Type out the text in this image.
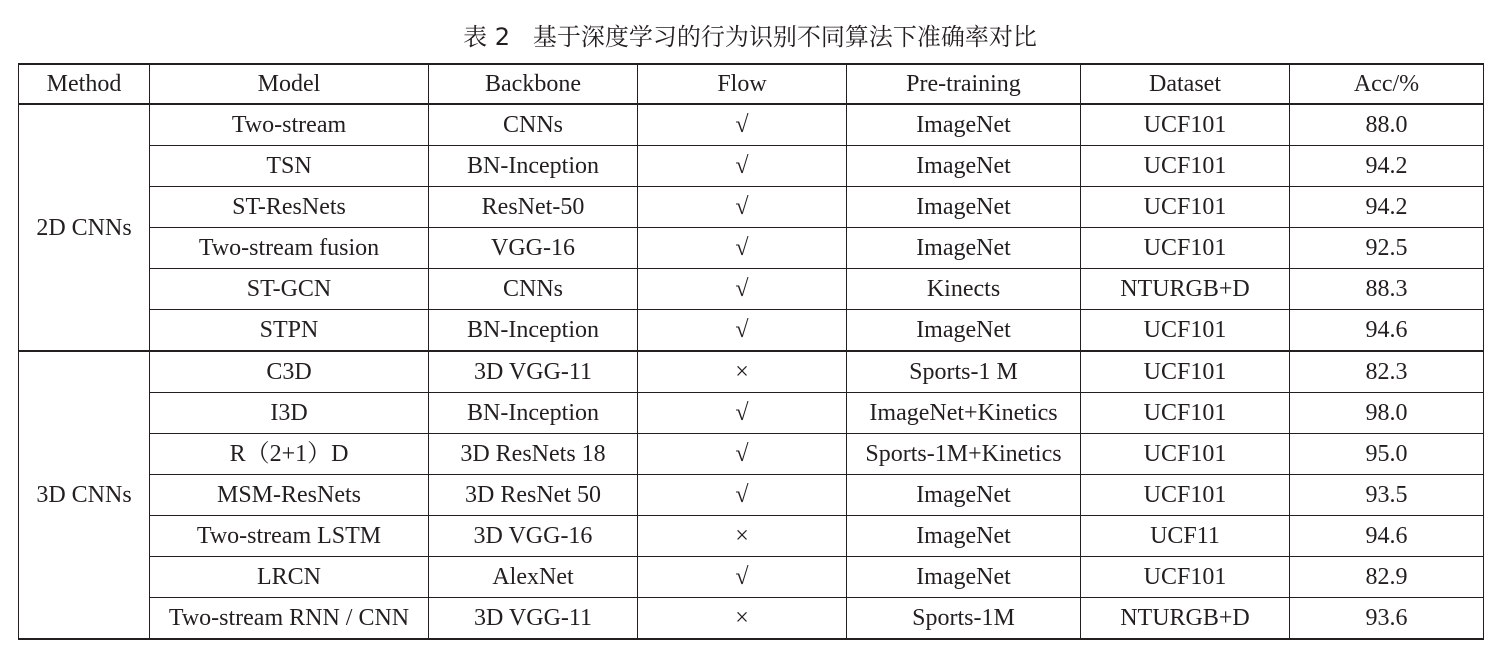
表 2   基于深度学习的行为识别不同算法下准确率对比
Method	Model	Backbone	Flow	Pre-training	Dataset	Acc/%
2D CNNs	Two-stream	CNNs	√	ImageNet	UCF101	88.0
	TSN	BN-Inception	√	ImageNet	UCF101	94.2
	ST-ResNets	ResNet-50	√	ImageNet	UCF101	94.2
	Two-stream fusion	VGG-16	√	ImageNet	UCF101	92.5
	ST-GCN	CNNs	√	Kinects	NTURGB+D	88.3
	STPN	BN-Inception	√	ImageNet	UCF101	94.6
3D CNNs	C3D	3D VGG-11	×	Sports-1 M	UCF101	82.3
	I3D	BN-Inception	√	ImageNet+Kinetics	UCF101	98.0
	R（2+1）D	3D ResNets 18	√	Sports-1M+Kinetics	UCF101	95.0
	MSM-ResNets	3D ResNet 50	√	ImageNet	UCF101	93.5
	Two-stream LSTM	3D VGG-16	×	ImageNet	UCF11	94.6
	LRCN	AlexNet	√	ImageNet	UCF101	82.9
	Two-stream RNN / CNN	3D VGG-11	×	Sports-1M	NTURGB+D	93.6
